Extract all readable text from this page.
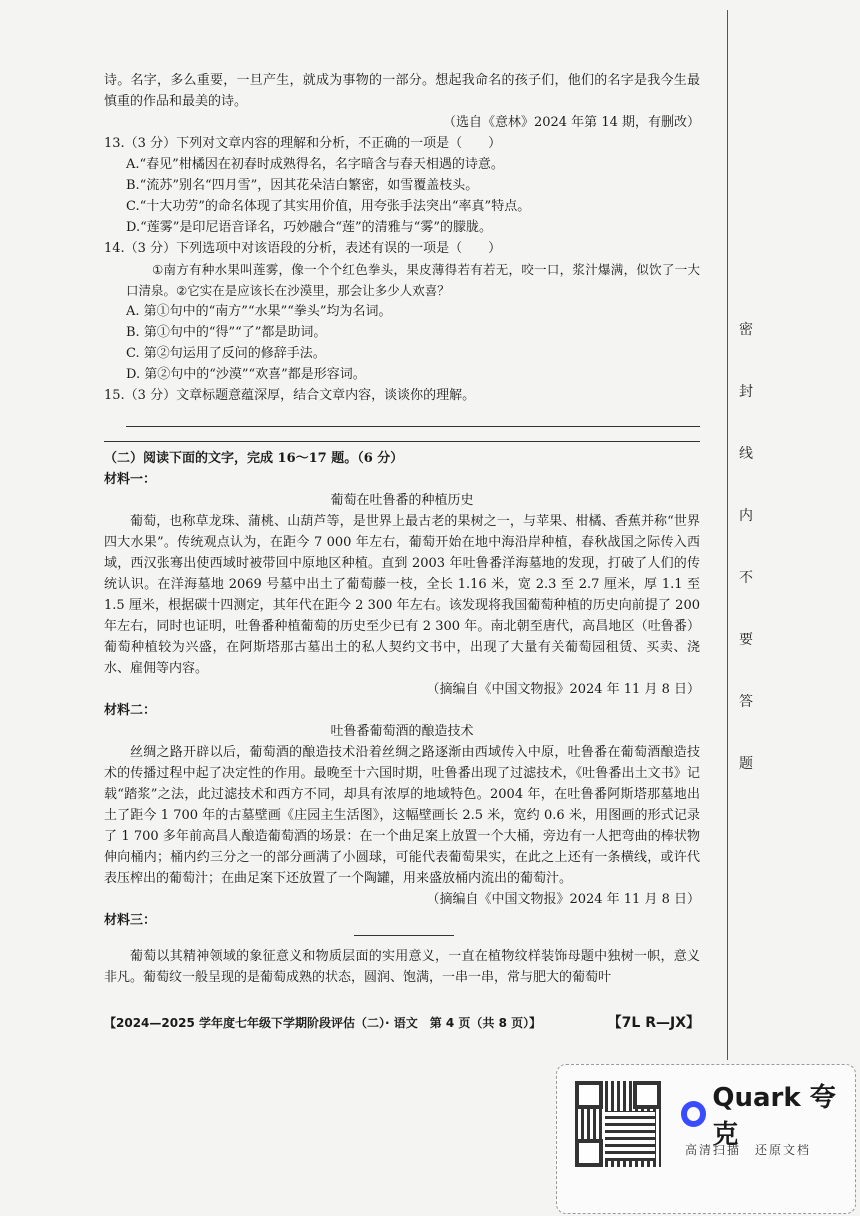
诗。名字，多么重要，一旦产生，就成为事物的一部分。想起我命名的孩子们，他们的名字是我今生最慎重的作品和最美的诗。

（选自《意林》2024 年第 14 期，有删改）

13.（3 分）下列对文章内容的理解和分析，不正确的一项是（　　）

A.“春见”柑橘因在初春时成熟得名，名字暗含与春天相遇的诗意。

B.“流苏”别名“四月雪”，因其花朵洁白繁密，如雪覆盖枝头。

C.“十大功劳”的命名体现了其实用价值，用夸张手法突出“率真”特点。

D.“莲雾”是印尼语音译名，巧妙融合“莲”的清雅与“雾”的朦胧。

14.（3 分）下列选项中对该语段的分析，表述有误的一项是（　　）

①南方有种水果叫莲雾，像一个个红色拳头，果皮薄得若有若无，咬一口，浆汁爆满，似饮了一大口清泉。②它实在是应该长在沙漠里，那会让多少人欢喜？

A. 第①句中的“南方”“水果”“拳头”均为名词。

B. 第①句中的“得”“了”都是助词。

C. 第②句运用了反问的修辞手法。

D. 第②句中的“沙漠”“欢喜”都是形容词。

15.（3 分）文章标题意蕴深厚，结合文章内容，谈谈你的理解。

（二）阅读下面的文字，完成 16～17 题。（6 分）

材料一：

葡萄在吐鲁番的种植历史

葡萄，也称草龙珠、蒲桃、山葫芦等，是世界上最古老的果树之一，与苹果、柑橘、香蕉并称“世界四大水果”。传统观点认为，在距今 7 000 年左右，葡萄开始在地中海沿岸种植，春秋战国之际传入西域，西汉张骞出使西域时被带回中原地区种植。直到 2003 年吐鲁番洋海墓地的发现，打破了人们的传统认识。在洋海墓地 2069 号墓中出土了葡萄藤一枝，全长 1.16 米，宽 2.3 至 2.7 厘米，厚 1.1 至 1.5 厘米，根据碳十四测定，其年代在距今 2 300 年左右。该发现将我国葡萄种植的历史向前提了 200 年左右，同时也证明，吐鲁番种植葡萄的历史至少已有 2 300 年。南北朝至唐代，高昌地区（吐鲁番）葡萄种植较为兴盛，在阿斯塔那古墓出土的私人契约文书中，出现了大量有关葡萄园租赁、买卖、浇水、雇佣等内容。

（摘编自《中国文物报》2024 年 11 月 8 日）

材料二：

吐鲁番葡萄酒的酿造技术

丝绸之路开辟以后，葡萄酒的酿造技术沿着丝绸之路逐渐由西域传入中原，吐鲁番在葡萄酒酿造技术的传播过程中起了决定性的作用。最晚至十六国时期，吐鲁番出现了过滤技术，《吐鲁番出土文书》记载“踏浆”之法，此过滤技术和西方不同，却具有浓厚的地域特色。2004 年，在吐鲁番阿斯塔那墓地出土了距今 1 700 年的古墓壁画《庄园主生活图》，这幅壁画长 2.5 米，宽约 0.6 米，用图画的形式记录了 1 700 多年前高昌人酿造葡萄酒的场景：在一个曲足案上放置一个大桶，旁边有一人把弯曲的棒状物伸向桶内；桶内约三分之一的部分画满了小圆球，可能代表葡萄果实，在此之上还有一条横线，或许代表压榨出的葡萄汁；在曲足案下还放置了一个陶罐，用来盛放桶内流出的葡萄汁。

（摘编自《中国文物报》2024 年 11 月 8 日）

材料三：

葡萄以其精神领域的象征意义和物质层面的实用意义，一直在植物纹样装饰母题中独树一帜，意义非凡。葡萄纹一般呈现的是葡萄成熟的状态，圆润、饱满，一串一串，常与肥大的葡萄叶

【2024—2025 学年度七年级下学期阶段评估（二）· 语文　第 4 页（共 8 页）】	【7L R—JX】
密
封
线
内
不
要
答
题
Quark 夸克
高清扫描　还原文档
